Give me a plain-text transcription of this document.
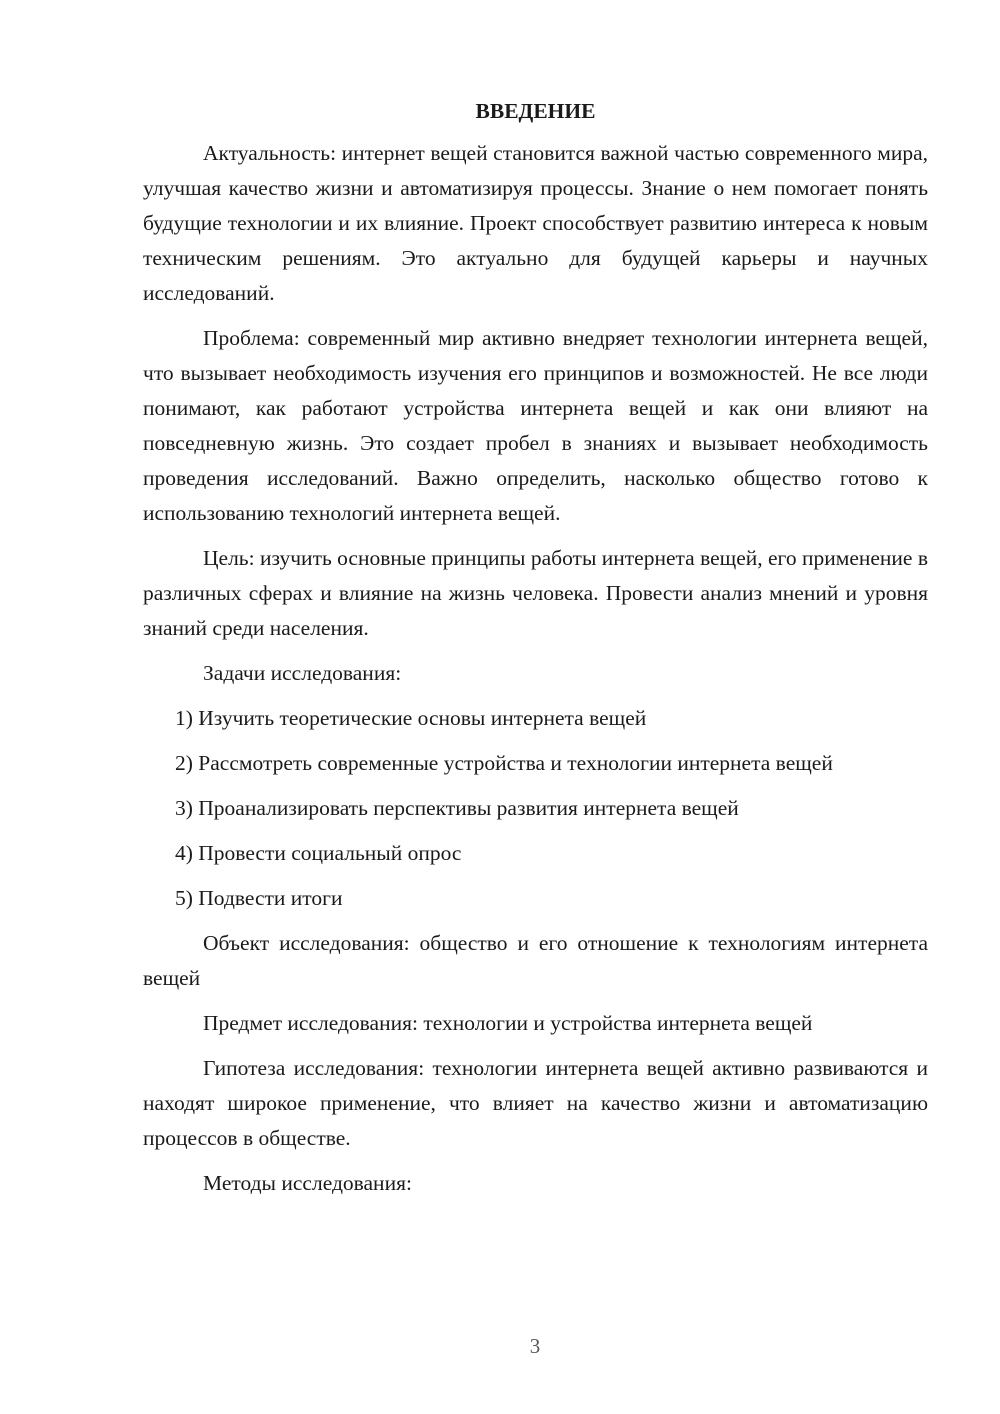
ВВЕДЕНИЕ

Актуальность: интернет вещей становится важной частью современного мира, улучшая качество жизни и автоматизируя процессы. Знание о нем помогает понять будущие технологии и их влияние. Проект способствует развитию интереса к новым техническим решениям. Это актуально для будущей карьеры и научных исследований.

Проблема: современный мир активно внедряет технологии интернета вещей, что вызывает необходимость изучения его принципов и возможностей. Не все люди понимают, как работают устройства интернета вещей и как они влияют на повседневную жизнь. Это создает пробел в знаниях и вызывает необходимость проведения исследований. Важно определить, насколько общество готово к использованию технологий интернета вещей.

Цель: изучить основные принципы работы интернета вещей, его применение в различных сферах и влияние на жизнь человека. Провести анализ мнений и уровня знаний среди населения.

Задачи исследования:

1) Изучить теоретические основы интернета вещей

2) Рассмотреть современные устройства и технологии интернета вещей

3) Проанализировать перспективы развития интернета вещей

4) Провести социальный опрос

5) Подвести итоги

Объект исследования: общество и его отношение к технологиям интернета вещей

Предмет исследования: технологии и устройства интернета вещей

Гипотеза исследования: технологии интернета вещей активно развиваются и находят широкое применение, что влияет на качество жизни и автоматизацию процессов в обществе.

Методы исследования:

3
